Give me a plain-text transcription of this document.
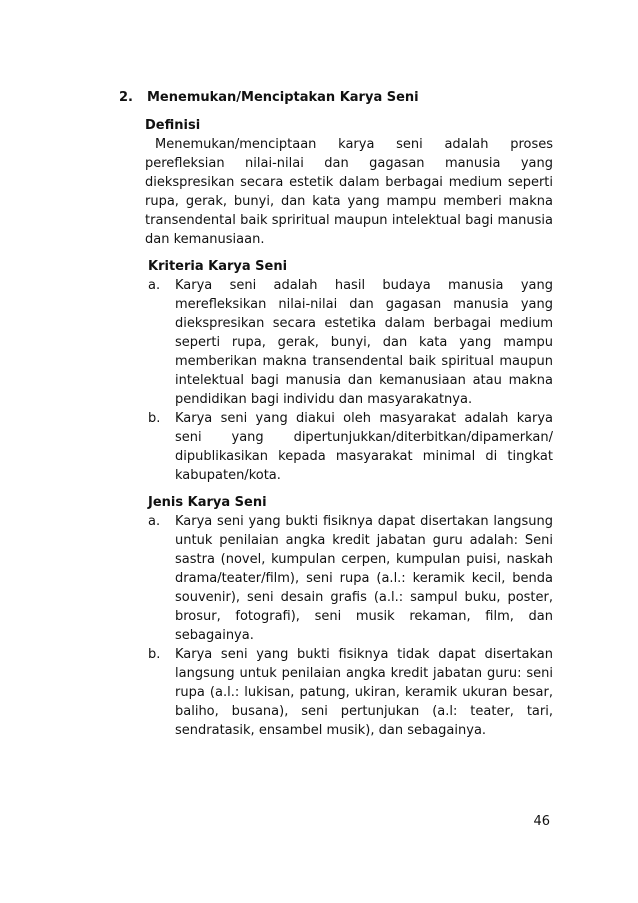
2. Menemukan/Menciptakan Karya Seni

Definisi

Menemukan/menciptaan karya seni adalah proses perefleksian nilai-nilai dan gagasan manusia yang diekspresikan secara estetik dalam berbagai medium seperti rupa, gerak, bunyi, dan kata yang mampu memberi makna transendental baik spriritual maupun intelektual bagi manusia dan kemanusiaan.

Kriteria Karya Seni

a.	Karya seni adalah hasil budaya manusia yang merefleksikan nilai-nilai dan gagasan manusia yang diekspresikan secara estetika dalam berbagai medium seperti rupa, gerak, bunyi, dan kata yang mampu memberikan makna transendental baik spiritual maupun intelektual bagi manusia dan kemanusiaan atau makna pendidikan bagi individu dan masyarakatnya.
b.	Karya seni yang diakui oleh masyarakat adalah karya seni yang dipertunjukkan/diterbitkan/dipamerkan/ dipublikasikan kepada masyarakat minimal di tingkat kabupaten/kota.

Jenis Karya Seni

a.	Karya seni yang bukti fisiknya dapat disertakan langsung untuk penilaian angka kredit jabatan guru adalah: Seni sastra (novel, kumpulan cerpen, kumpulan puisi, naskah drama/teater/film), seni rupa (a.l.: keramik kecil, benda souvenir), seni desain grafis (a.l.: sampul buku, poster, brosur, fotografi), seni musik rekaman, film, dan sebagainya.
b.	Karya seni yang bukti fisiknya tidak dapat disertakan langsung untuk penilaian angka kredit jabatan guru: seni rupa (a.l.: lukisan, patung, ukiran, keramik ukuran besar, baliho, busana), seni pertunjukan (a.l: teater, tari, sendratasik, ensambel musik), dan sebagainya.
46
